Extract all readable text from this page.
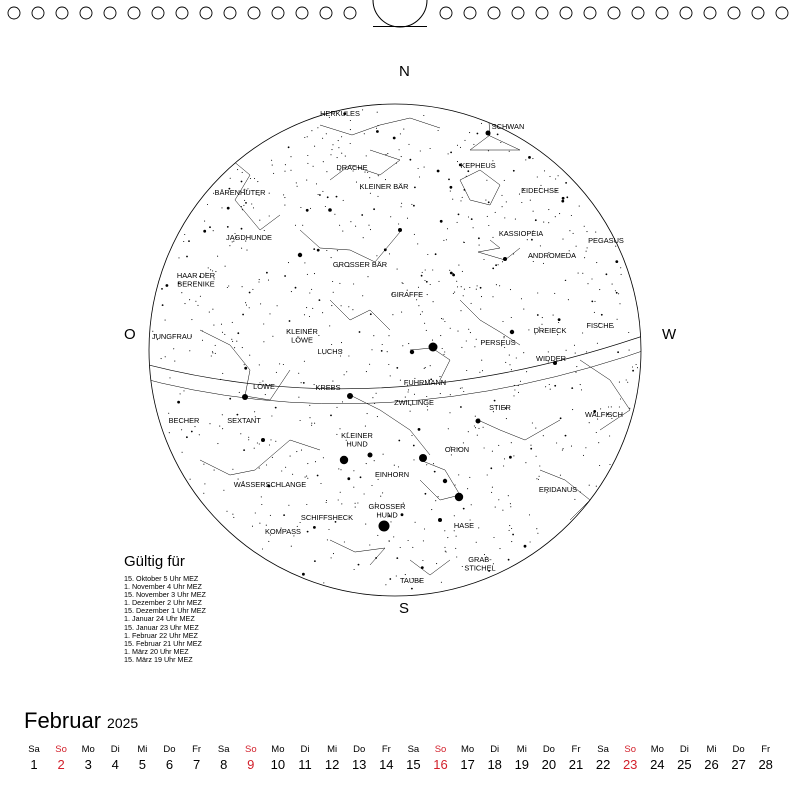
HERKULES
SCHWAN
DRACHE	KEPHEUS
KLEINER BÄR	EIDECHSE
BÄRENHÜTER
KASSIOPEIA
JAGDHUNDE	PEGASUS
ANDROMEDA
GROSSER BÄR
HAAR DER BERENIKE
GIRAFFE
DREIECK
FISCHE
JUNGFRAU
KLEINER LÖWE	PERSEUS
LUCHS
WIDDER
LÖWE	KREBS
FUHRMANN
ZWILLINGE
STIER
BECHER	SEXTANT
WALFISCH
KLEINER HUND
ORION
EINHORN
WASSERSCHLANGE
ERIDANUS
GROSSER HUND
SCHIFFSHECK
HASE
KOMPASS
GRAB-STICHEL
TAUBE
N
S
O	W
Gültig für
15. Oktober 5 Uhr MEZ
1. November 4 Uhr MEZ
15. November 3 Uhr MEZ
1. Dezember 2 Uhr MEZ
15. Dezember 1 Uhr MEZ
1. Januar 24 Uhr MEZ
15. Januar 23 Uhr MEZ
1. Februar 22 Uhr MEZ
15. Februar 21 Uhr MEZ
1. März 20 Uhr MEZ
15. März 19 Uhr MEZ
Februar 2025
Sa
1
So
2
Mo
3
Di
4
Mi
5
Do
6
Fr
7
Sa
8
So
9
Mo
10
Di
11
Mi
12
Do
13
Fr
14
Sa
15
So
16
Mo
17
Di
18
Mi
19
Do
20
Fr
21
Sa
22
So
23
Mo
24
Di
25
Mi
26
Do
27
Fr
28
